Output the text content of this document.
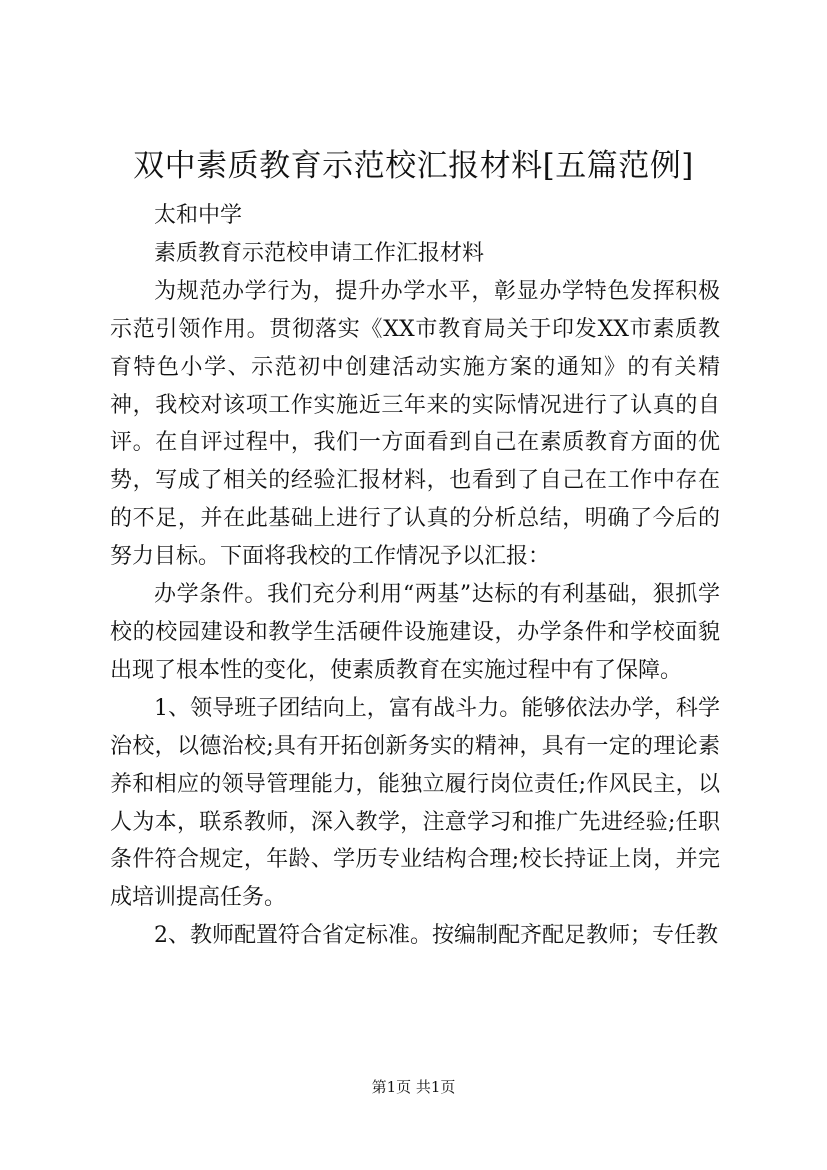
双中素质教育示范校汇报材料[五篇范例]

太和中学

素质教育示范校申请工作汇报材料

为规范办学行为，提升办学水平，彰显办学特色发挥积极示范引领作用。贯彻落实《XX市教育局关于印发XX市素质教育特色小学、示范初中创建活动实施方案的通知》的有关精神，我校对该项工作实施近三年来的实际情况进行了认真的自评。在自评过程中，我们一方面看到自己在素质教育方面的优势，写成了相关的经验汇报材料，也看到了自己在工作中存在的不足，并在此基础上进行了认真的分析总结，明确了今后的努力目标。下面将我校的工作情况予以汇报：

办学条件。我们充分利用“两基”达标的有利基础，狠抓学校的校园建设和教学生活硬件设施建设，办学条件和学校面貌出现了根本性的变化，使素质教育在实施过程中有了保障。

1、领导班子团结向上，富有战斗力。能够依法办学，科学治校，以德治校;具有开拓创新务实的精神，具有一定的理论素养和相应的领导管理能力，能独立履行岗位责任;作风民主，以人为本，联系教师，深入教学，注意学习和推广先进经验;任职条件符合规定，年龄、学历专业结构合理;校长持证上岗，并完成培训提高任务。

2、教师配置符合省定标准。按编制配齐配足教师；专任教

第1页 共1页
